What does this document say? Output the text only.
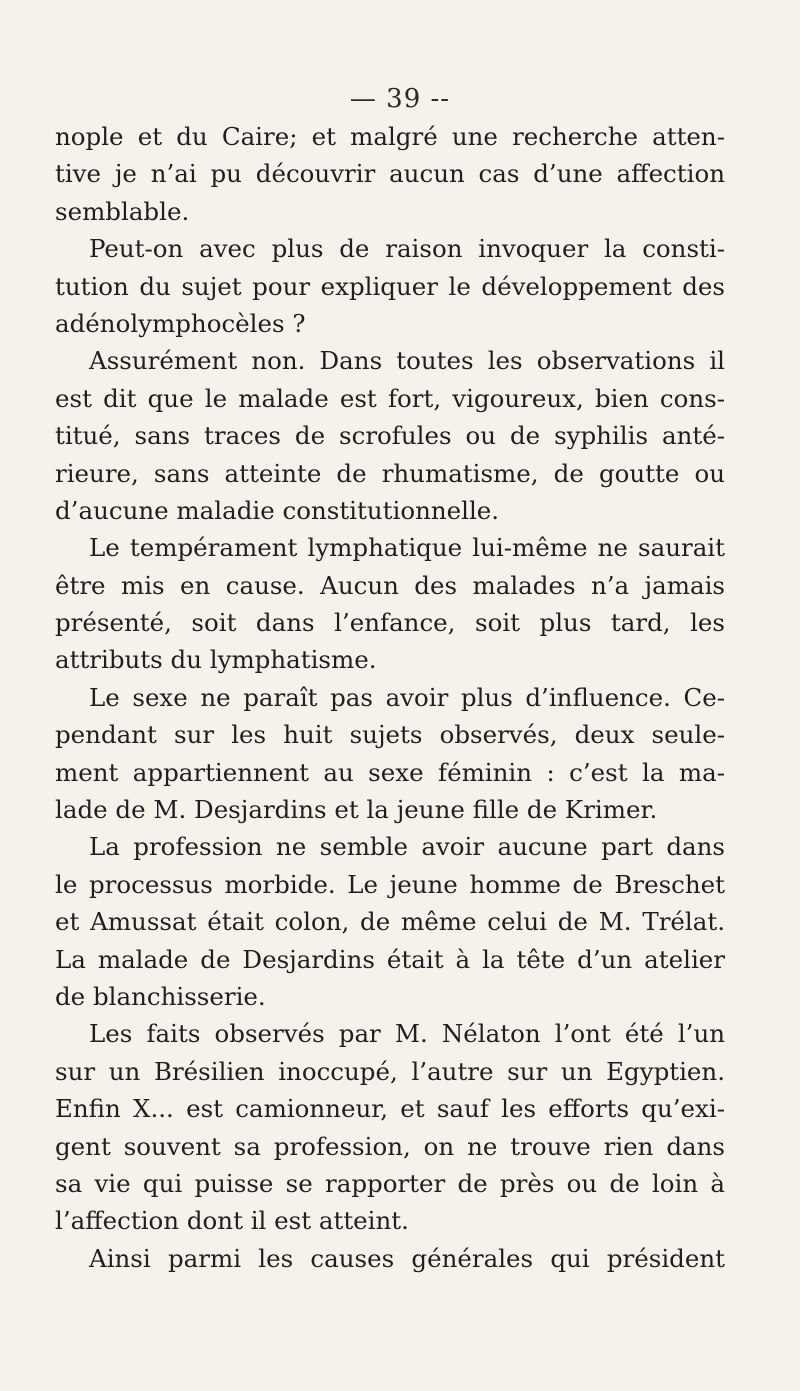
— 39 --
nople et du Caire; et malgré une recherche atten-
tive je n’ai pu découvrir aucun cas d’une affection
semblable.
Peut-on avec plus de raison invoquer la consti-
tution du sujet pour expliquer le développement des
adénolymphocèles ?
Assurément non. Dans toutes les observations il
est dit que le malade est fort, vigoureux, bien cons-
titué, sans traces de scrofules ou de syphilis anté-
rieure, sans atteinte de rhumatisme, de goutte ou
d’aucune maladie constitutionnelle.
Le tempérament lymphatique lui-même ne saurait
être mis en cause. Aucun des malades n’a jamais
présenté, soit dans l’enfance, soit plus tard, les
attributs du lymphatisme.
Le sexe ne paraît pas avoir plus d’influence. Ce-
pendant sur les huit sujets observés, deux seule-
ment appartiennent au sexe féminin : c’est la ma-
lade de M. Desjardins et la jeune fille de Krimer.
La profession ne semble avoir aucune part dans
le processus morbide. Le jeune homme de Breschet
et Amussat était colon, de même celui de M. Trélat.
La malade de Desjardins était à la tête d’un atelier
de blanchisserie.
Les faits observés par M. Nélaton l’ont été l’un
sur un Brésilien inoccupé, l’autre sur un Egyptien.
Enfin X... est camionneur, et sauf les efforts qu’exi-
gent souvent sa profession, on ne trouve rien dans
sa vie qui puisse se rapporter de près ou de loin à
l’affection dont il est atteint.
Ainsi parmi les causes générales qui président
